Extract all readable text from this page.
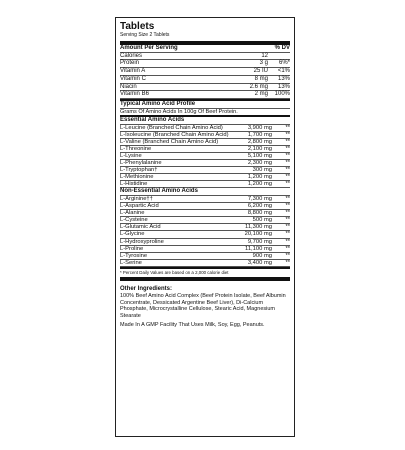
Tablets
Serving Size 2 Tablets
Amount Per Serving	% DV
Calories	12
Protein	3 g	6%*
Vitamin A	25 IU	<1%
Vitamin C	8 mg	13%
Niacin	2.6 mg	13%
Vitamin B6	2 mg	100%
Typical Amino Acid Profile
Grams Of Amino Acids In 100g Of Beef Protein.
Essential Amino Acids
L-Leucine (Branched Chain Amino Acid)	3,900 mg	**
L-Isoleucine (Branched Chain Amino Acid)	1,700 mg	**
L-Valine (Branched Chain Amino Acid)	2,800 mg	**
L-Threonine	2,100 mg	**
L-Lysine	5,100 mg	**
L-Phenylalanine	2,300 mg	**
L-Tryptophan†	300 mg	**
L-Methionine	1,200 mg	**
L-Histidine	1,200 mg	**
Non-Essential Amino Acids
L-Arginine††	7,300 mg	**
L-Aspartic Acid	6,200 mg	**
L-Alanine	8,800 mg	**
L-Cysteine	500 mg	**
L-Glutamic Acid	11,300 mg	**
L-Glycine	20,100 mg	**
L-Hydroxyproline	9,700 mg	**
L-Proline	11,100 mg	**
L-Tyrosine	900 mg	**
L-Serine	3,400 mg	**
* Percent Daily Values are based on a 2,000 calorie diet
Other Ingredients:
100% Beef Amino Acid Complex (Beef Protein Isolate, Beef Albumin Concentrate, Dessicated Argentine Beef Liver), Di-Calcium Phosphate, Microcrystalline Cellulose, Stearic Acid, Magnesium Stearate
Made In A GMP Facility That Uses Milk, Soy, Egg, Peanuts.
